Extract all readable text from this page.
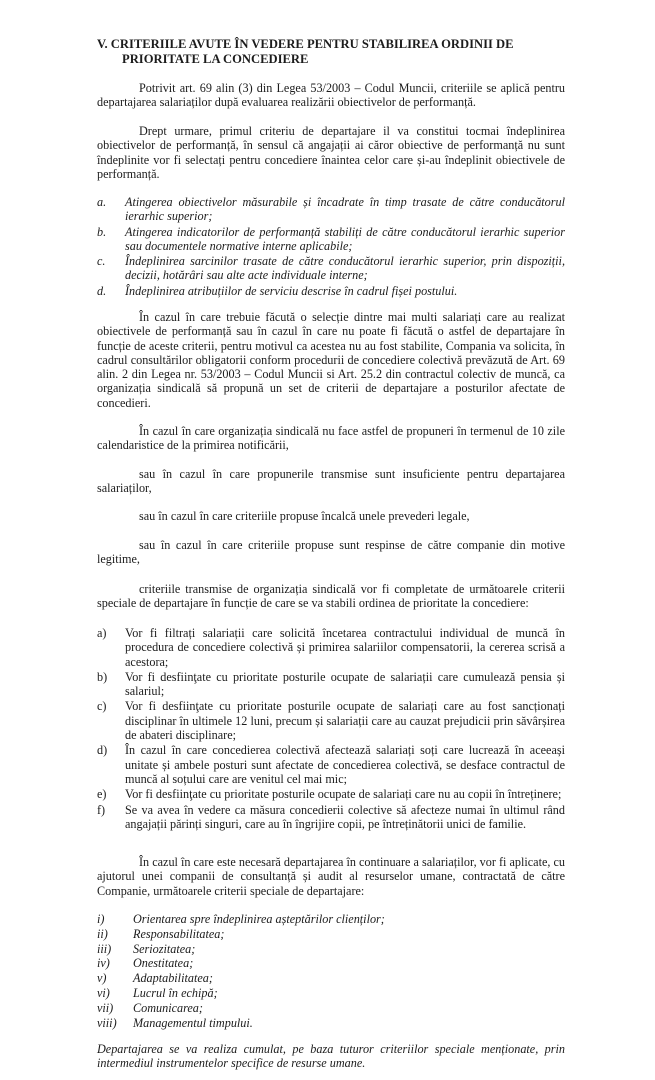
V. CRITERIILE AVUTE ÎN VEDERE PENTRU STABILIREA ORDINII DE
PRIORITATE LA CONCEDIERE
Potrivit art. 69 alin (3) din Legea 53/2003 – Codul Muncii, criteriile se aplică pentru departajarea salariaților după evaluarea realizării obiectivelor de performanță.
Drept urmare, primul criteriu de departajare il va constitui tocmai îndeplinirea obiectivelor de performanță, în sensul că angajații ai căror obiective de performanță nu sunt îndeplinite vor fi selectați pentru concediere înaintea celor care și-au îndeplinit obiectivele de performanță.
a. Atingerea obiectivelor măsurabile și încadrate în timp trasate de către conducătorul ierarhic superior;
b. Atingerea indicatorilor de performanță stabiliți de către conducătorul ierarhic superior sau documentele normative interne aplicabile;
c. Îndeplinirea sarcinilor trasate de către conducătorul ierarhic superior, prin dispoziții, decizii, hotărâri sau alte acte individuale interne;
d. Îndeplinirea atribuțiilor de serviciu descrise în cadrul fișei postului.
În cazul în care trebuie făcută o selecție dintre mai multi salariați care au realizat obiectivele de performanță sau în cazul în care nu poate fi făcută o astfel de departajare în funcție de aceste criterii, pentru motivul ca acestea nu au fost stabilite, Compania va solicita, în cadrul consultărilor obligatorii conform procedurii de concediere colectivă prevăzută de Art. 69 alin. 2 din Legea nr. 53/2003 – Codul Muncii si Art. 25.2 din contractul colectiv de muncă, ca organizația sindicală să propună un set de criterii de departajare a posturilor afectate de concedieri.
În cazul în care organizația sindicală nu face astfel de propuneri în termenul de 10 zile calendaristice de la primirea notificării,
sau în cazul în care propunerile transmise sunt insuficiente pentru departajarea salariaților,
sau în cazul în care criteriile propuse încalcă unele prevederi legale,
sau în cazul în care criteriile propuse sunt respinse de către companie din motive legitime,
criteriile transmise de organizația sindicală vor fi completate de următoarele criterii speciale de departajare în funcție de care se va stabili ordinea de prioritate la concediere:
a) Vor fi filtrați salariații care solicită încetarea contractului individual de muncă în procedura de concediere colectivă și primirea salariilor compensatorii, la cererea scrisă a acestora;
b) Vor fi desfiinţate cu prioritate posturile ocupate de salariații care cumulează pensia și salariul;
c) Vor fi desfiinţate cu prioritate posturile ocupate de salariați care au fost sancționați disciplinar în ultimele 12 luni, precum și salariații care au cauzat prejudicii prin săvârșirea de abateri disciplinare;
d) În cazul în care concedierea colectivă afectează salariați soți care lucrează în aceeași unitate și ambele posturi sunt afectate de concedierea colectivă, se desface contractul de muncă al soțului care are venitul cel mai mic;
e) Vor fi desfiinţate cu prioritate posturile ocupate de salariați care nu au copii în întreținere;
f) Se va avea în vedere ca măsura concedierii colective să afecteze numai în ultimul rând angajații părinți singuri, care au în îngrijire copii, pe întreținătorii unici de familie.
În cazul în care este necesară departajarea în continuare a salariaților, vor fi aplicate, cu ajutorul unei companii de consultanță și audit al resurselor umane, contractată de către Companie, următoarele criterii speciale de departajare:
i) Orientarea spre îndeplinirea așteptărilor clienților;
ii) Responsabilitatea;
iii) Seriozitatea;
iv) Onestitatea;
v) Adaptabilitatea;
vi) Lucrul în echipă;
vii) Comunicarea;
viii) Managementul timpului.
Departajarea se va realiza cumulat, pe baza tuturor criteriilor speciale menționate, prin intermediul instrumentelor specifice de resurse umane.
